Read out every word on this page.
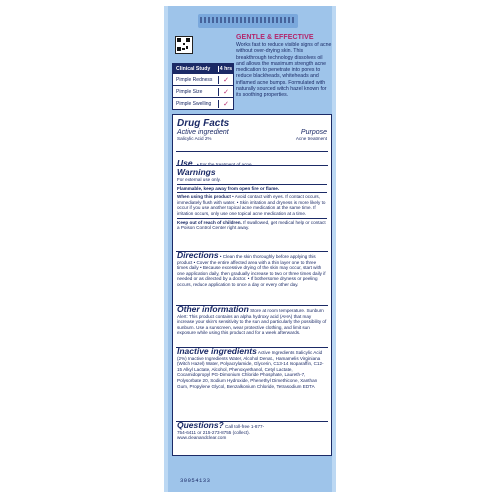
GENTLE & EFFECTIVE
Works fast to reduce visible signs of acne without over-drying skin. This breakthrough technology dissolves oil and allows the maximum strength acne medication to penetrate into pores to reduce blackheads, whiteheads and inflamed acne bumps. Formulated with naturally sourced witch hazel known for its soothing properties.
Clinical Study	4 hrs
Pimple Redness	✓
Pimple Size	✓
Pimple Swelling	✓
Drug Facts
Active ingredient	Purpose
Salicylic Acid 2%	Acne treatment
Use • For the treatment of acne
Warnings
For external use only.
Flammable, keep away from open fire or flame.
When using this product • Avoid contact with eyes. If contact occurs, immediately flush with water. • Skin irritation and dryness is more likely to occur if you use another topical acne medication at the same time. If irritation occurs, only use one topical acne medication at a time.
Keep out of reach of children. If swallowed, get medical help or contact a Poison Control Center right away.
Directions • Clean the skin thoroughly before applying this product • Cover the entire affected area with a thin layer one to three times daily • Because excessive drying of the skin may occur, start with one application daily, then gradually increase to two or three times daily if needed or as directed by a doctor. • If bothersome dryness or peeling occurs, reduce application to once a day or every other day.
Other information Store at room temperature. Sunburn Alert: This product contains an alpha hydroxy acid (AHA) that may increase your skin's sensitivity to the sun and particularly the possibility of sunburn. Use a sunscreen, wear protective clothing, and limit sun exposure while using this product and for a week afterwards.
Inactive ingredients Active Ingredients Salicylic Acid (2%) Inactive Ingredients Water, Alcohol Denat., Hamamelis Virginiana (Witch Hazel) Water, Polyacrylamide, Glycerin, C13-14 Isoparaffin, C12-15 Alkyl Lactate, Alcohol, Phenoxyethanol, Cetyl Lactate, Cocamidopropyl PG-Dimonium Chloride Phosphate, Laureth-7, Polysorbate 20, Sodium Hydroxide, Phenethyl Dimethicone, Xanthan Gum, Propylene Glycol, Benzalkonium Chloride, Tetrasodium EDTA
Questions? Call toll-free 1-877-754-6411 or 215-273-8755 (collect). www.cleanandclear.com
30054133
